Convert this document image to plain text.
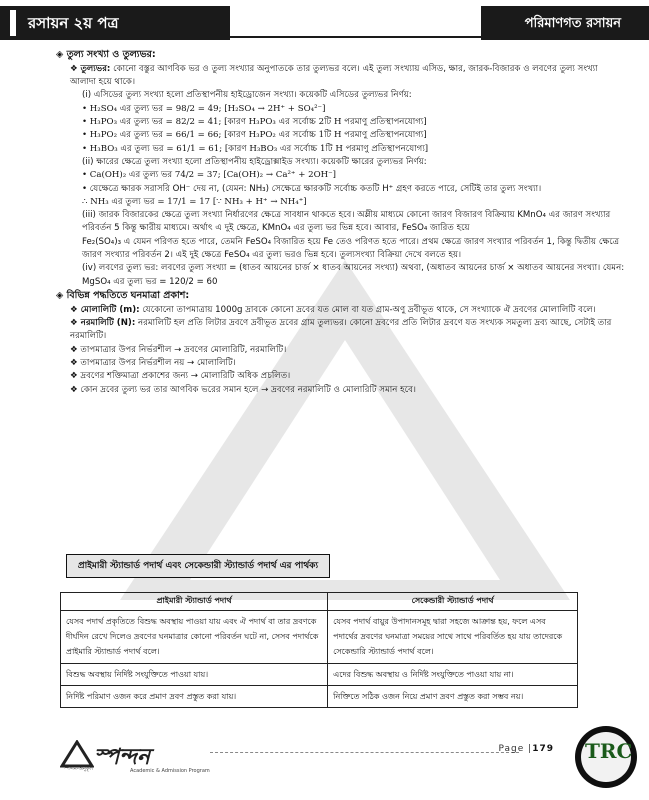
রসায়ন ২য় পত্র	পরিমাণগত রসায়ন

◈ তুল্য সংখ্যা ও তুল্যভর:

❖ তুল্যভর: কোনো বস্তুর আণবিক ভর ও তুল্য সংখ্যার অনুপাতকে তার তুল্যভর বলে। এই তুল্য সংখ্যায় এসিড, ক্ষার, জারক-বিজারক ও লবণের তুল্য সংখ্যা আলাদা হয়ে থাকে।

(i) এসিডের তুল্য সংখ্যা হলো প্রতিস্থাপনীয় হাইড্রোজেন সংখ্যা। কয়েকটি এসিডের তুল্যভর নির্ণয়:

• H₂SO₄ এর তুল্য ভর = 98/2 = 49; [H₂SO₄ → 2H⁺ + SO₄²⁻]

• H₃PO₃ এর তুল্য ভর = 82/2 = 41; [কারণ H₃PO₃ এর সর্বোচ্চ 2টি H পরমাণু প্রতিস্থাপনযোগ্য]

• H₃PO₂ এর তুল্য ভর = 66/1 = 66; [কারণ H₃PO₂ এর সর্বোচ্চ 1টি H পরমাণু প্রতিস্থাপনযোগ্য]

• H₃BO₃ এর তুল্য ভর = 61/1 = 61; [কারণ H₃BO₃ এর সর্বোচ্চ 1টি H পরমাণু প্রতিস্থাপনযোগ্য]

(ii) ক্ষারের ক্ষেত্রে তুল্য সংখ্যা হলো প্রতিস্থাপনীয় হাইড্রোক্সাইড সংখ্যা। কয়েকটি ক্ষারের তুল্যভর নির্ণয়:

• Ca(OH)₂ এর তুল্য ভর 74/2 = 37; [Ca(OH)₂ → Ca²⁺ + 2OH⁻]

• যেক্ষেত্রে ক্ষারক সরাসরি OH⁻ দেয় না, (যেমন: NH₃) সেক্ষেত্রে ক্ষারকটি সর্বোচ্চ কতটি H⁺ গ্রহণ করতে পারে, সেটিই তার তুল্য সংখ্যা।

∴ NH₃ এর তুল্য ভর = 17/1 = 17 [∵ NH₃ + H⁺ → NH₄⁺]

(iii) জারক বিজারকের ক্ষেত্রে তুল্য সংখ্যা নির্ধারণের ক্ষেত্রে সাবধান থাকতে হবে। অম্লীয় মাধ্যমে কোনো জারণ বিজারণ বিক্রিয়ায় KMnO₄ এর জারণ সংখ্যার পরিবর্তন 5 কিন্তু ক্ষারীয় মাধ্যমে। অর্থাৎ এ দুই ক্ষেত্রে, KMnO₄ এর তুল্য ভর ভিন্ন হবে। আবার, FeSO₄ জারিত হয়ে

Fe₂(SO₄)₃ এ যেমন পরিণত হতে পারে, তেমনি FeSO₄ বিজারিত হয়ে Fe তেও পরিণত হতে পারে। প্রথম ক্ষেত্রে জারণ সংখ্যার পরিবর্তন 1, কিন্তু দ্বিতীয় ক্ষেত্রে জারণ সংখ্যার পরিবর্তন 2। এই দুই ক্ষেত্রে FeSO₄ এর তুল্য ভরও ভিন্ন হবে। তুল্যসংখ্যা বিক্রিয়া দেখে বলতে হয়।

(iv) লবণের তুল্য ভর: লবণের তুল্য সংখ্যা = (ধাতব আয়নের চার্জ × ধাতব আয়নের সংখ্যা) অথবা, (অধাতব আয়নের চার্জ × অধাতব আয়নের সংখ্যা। যেমন: MgSO₄ এর তুল্য ভর = 120/2 = 60

◈ বিভিন্ন পদ্ধতিতে ঘনমাত্রা প্রকাশ:

❖ মোলালিটি (m): যেকোনো তাপমাত্রায় 1000g দ্রাবকে কোনো দ্রবের যত মোল বা যত গ্রাম-অণু দ্রবীভূত থাকে, সে সংখ্যাকে ঐ দ্রবণের মোলালিটি বলে।

❖ নরমালিটি (N): নরমালিটি হল প্রতি লিটার দ্রবণে দ্রবীভূত দ্রবের গ্রাম তুল্যভর। কোনো দ্রবণের প্রতি লিটার দ্রবণে যত সংখ্যক সমতুল্য দ্রব্য আছে, সেটাই তার নরমালিটি।

❖ তাপমাত্রার উপর নির্ভরশীল → দ্রবণের মোলারিটি, নরমালিটি।

❖ তাপমাত্রার উপর নির্ভরশীল নয় → মোলালিটি।

❖ দ্রবণের শক্তিমাত্রা প্রকাশের জন্য → মোলারিটি অধিক প্রচলিত।

❖ কোন দ্রবের তুল্য ভর তার আণবিক ভরের সমান হলে → দ্রবণের নরমালিটি ও মোলারিটি সমান হবে।

প্রাইমারী স্ট্যান্ডার্ড পদার্থ এবং সেকেন্ডারী স্ট্যান্ডার্ড পদার্থ এর পার্থক্য
প্রাইমারী স্ট্যান্ডার্ড পদার্থ	সেকেন্ডারী স্ট্যান্ডার্ড পদার্থ
যেসব পদার্থ প্রকৃতিতে বিশুদ্ধ অবস্থায় পাওয়া যায় এবং ঐ পদার্থ বা তার দ্রবণকে দীর্ঘদিন রেখে দিলেও দ্রবণের ঘনমাত্রার কোনো পরিবর্তন ঘটে না, সেসব পদার্থকে প্রাইমারি স্ট্যান্ডার্ড পদার্থ বলে।	যেসব পদার্থ বায়ুর উপাদানসমূহ দ্বারা সহজে আক্রান্ত হয়, ফলে এসব পদার্থের দ্রবণের ঘনমাত্রা সময়ের সাথে সাথে পরিবর্তিত হয় যায় তাদেরকে সেকেন্ডারি স্ট্যান্ডার্ড পদার্থ বলে।
বিশুদ্ধ অবস্থায় নির্দিষ্ট সংযুক্তিতে পাওয়া যায়।	এদের বিশুদ্ধ অবস্থায় ও নির্দিষ্ট সংযুক্তিতে পাওয়া যায় না।
নির্দিষ্ট পরিমাণ ওজন করে প্রমাণ দ্রবণ প্রস্তুত করা যায়।	নিক্তিতে সঠিক ওজন নিয়ে প্রমাণ দ্রবণ প্রস্তুত করা সম্ভব নয়।
স্পন্দন
স্পন্দন-অনুকূল	Academic & Admission Program
Page |179 TRC
